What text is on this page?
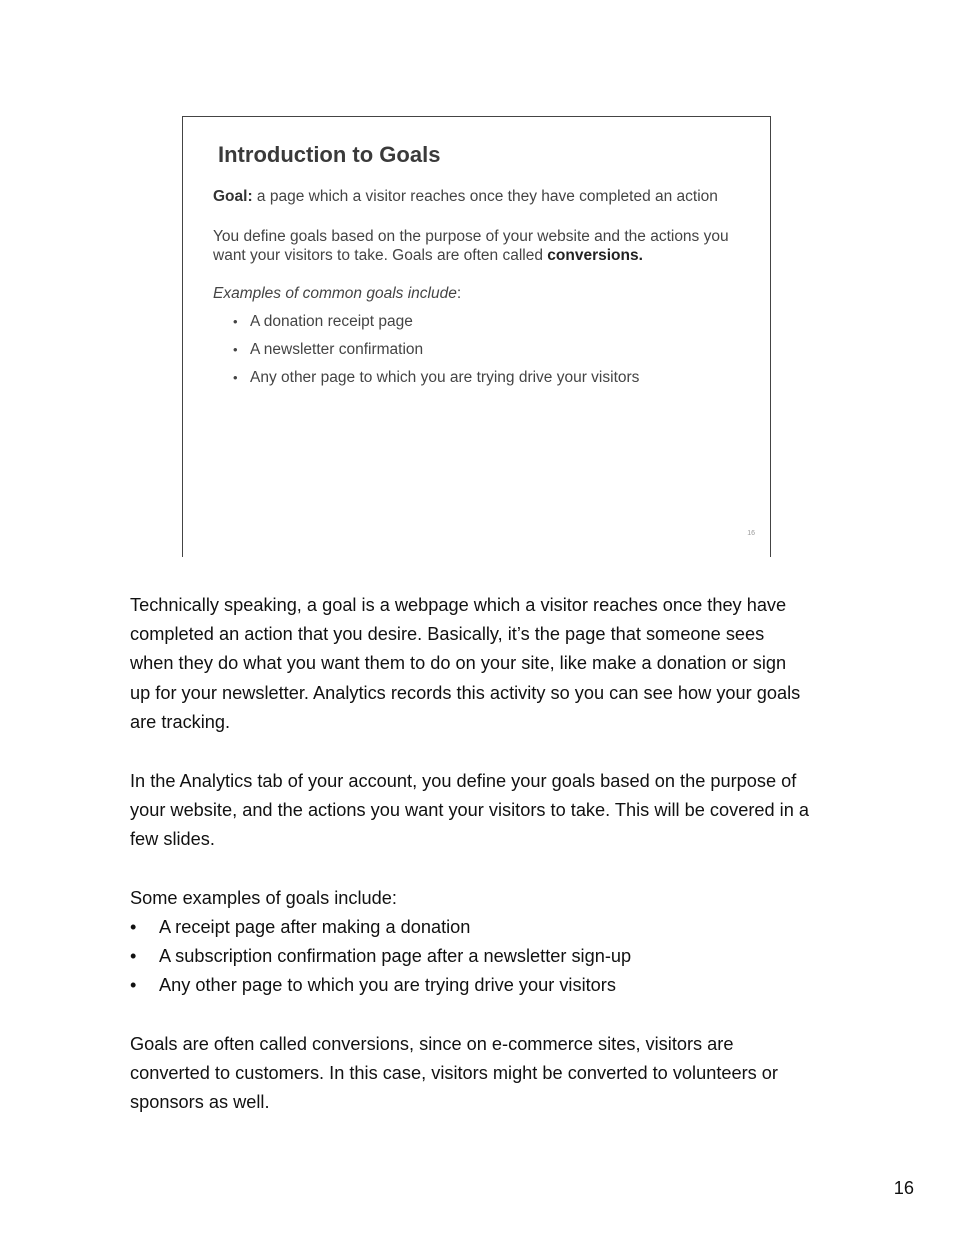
Introduction to Goals
Goal: a page which a visitor reaches once they have completed an action
You define goals based on the purpose of your website and the actions you want your visitors to take. Goals are often called conversions.
Examples of common goals include:
• A donation receipt page
• A newsletter confirmation
• Any other page to which you are trying drive your visitors
16

Technically speaking, a goal is a webpage which a visitor reaches once they have completed an action that you desire. Basically, it’s the page that someone sees when they do what you want them to do on your site, like make a donation or sign up for your newsletter. Analytics records this activity so you can see how your goals are tracking.

In the Analytics tab of your account, you define your goals based on the purpose of your website, and the actions you want your visitors to take. This will be covered in a few slides.

Some examples of goals include:

• A receipt page after making a donation
• A subscription confirmation page after a newsletter sign-up
• Any other page to which you are trying drive your visitors

Goals are often called conversions, since on e-commerce sites, visitors are converted to customers. In this case, visitors might be converted to volunteers or sponsors as well.

16
